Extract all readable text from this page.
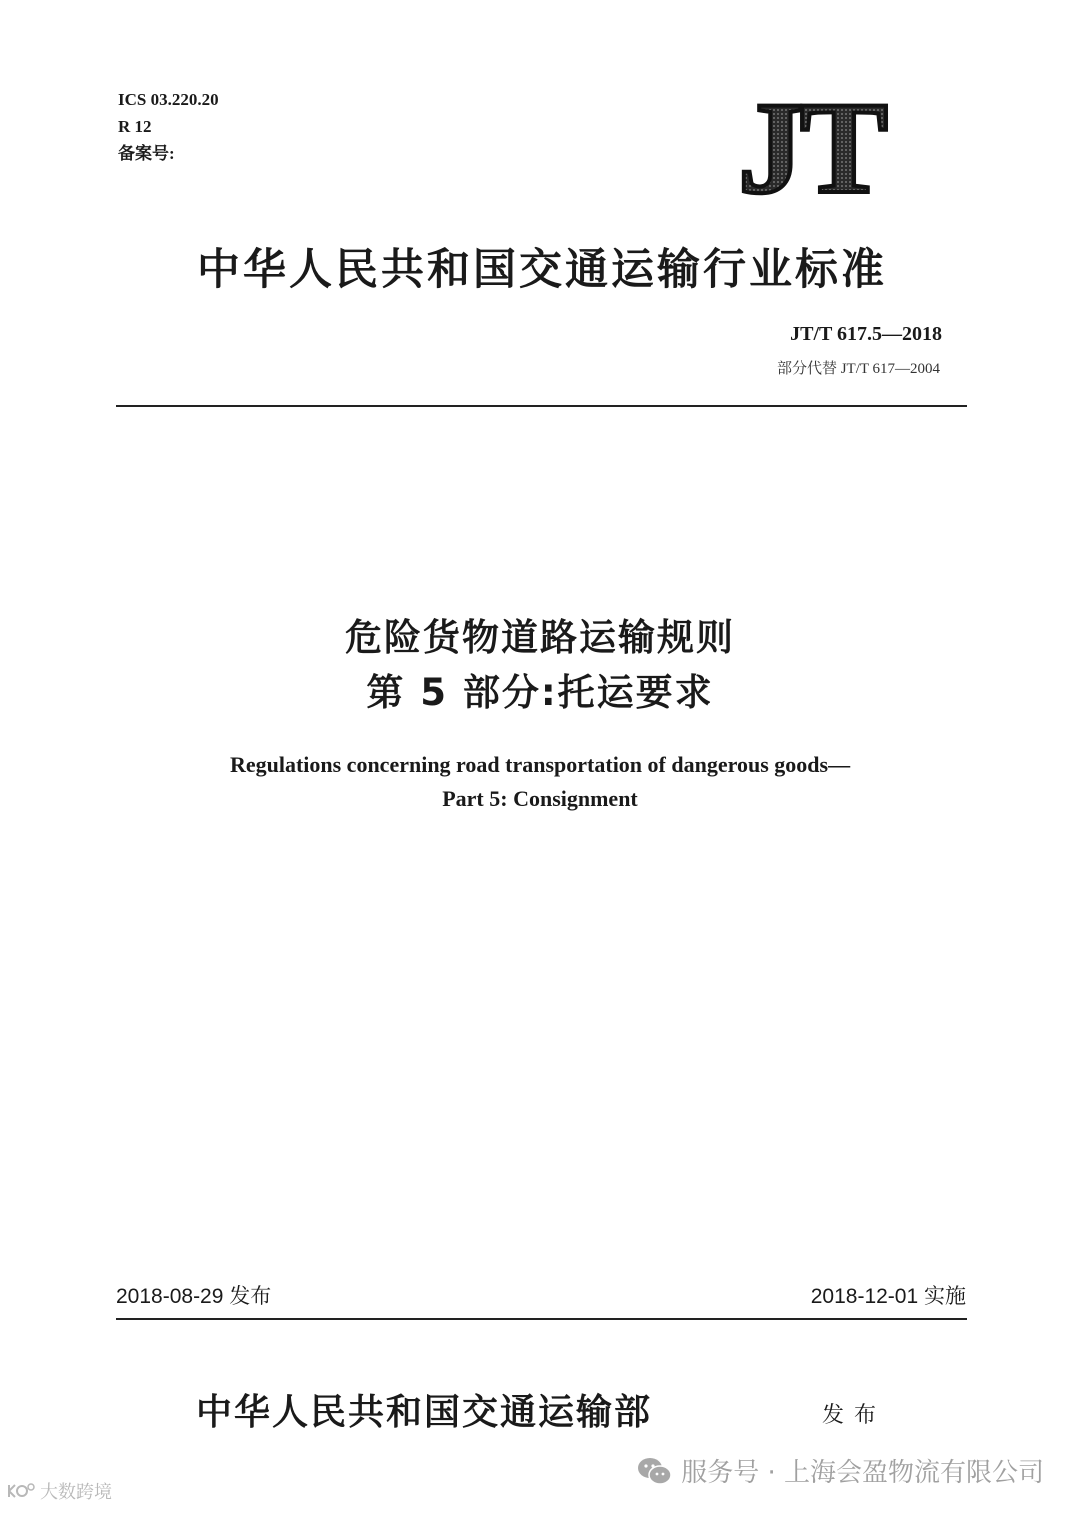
ICS 03.220.20
R 12
备案号:	JT
中华人民共和国交通运输行业标准
JT/T 617.5—2018
部分代替 JT/T 617—2004
危险货物道路运输规则
第 5 部分:托运要求
Regulations concerning road transportation of dangerous goods—
Part 5: Consignment
2018-08-29 发布	2018-12-01 实施
中华人民共和国交通运输部	发布
大数跨境
服务号 · 上海会盈物流有限公司
